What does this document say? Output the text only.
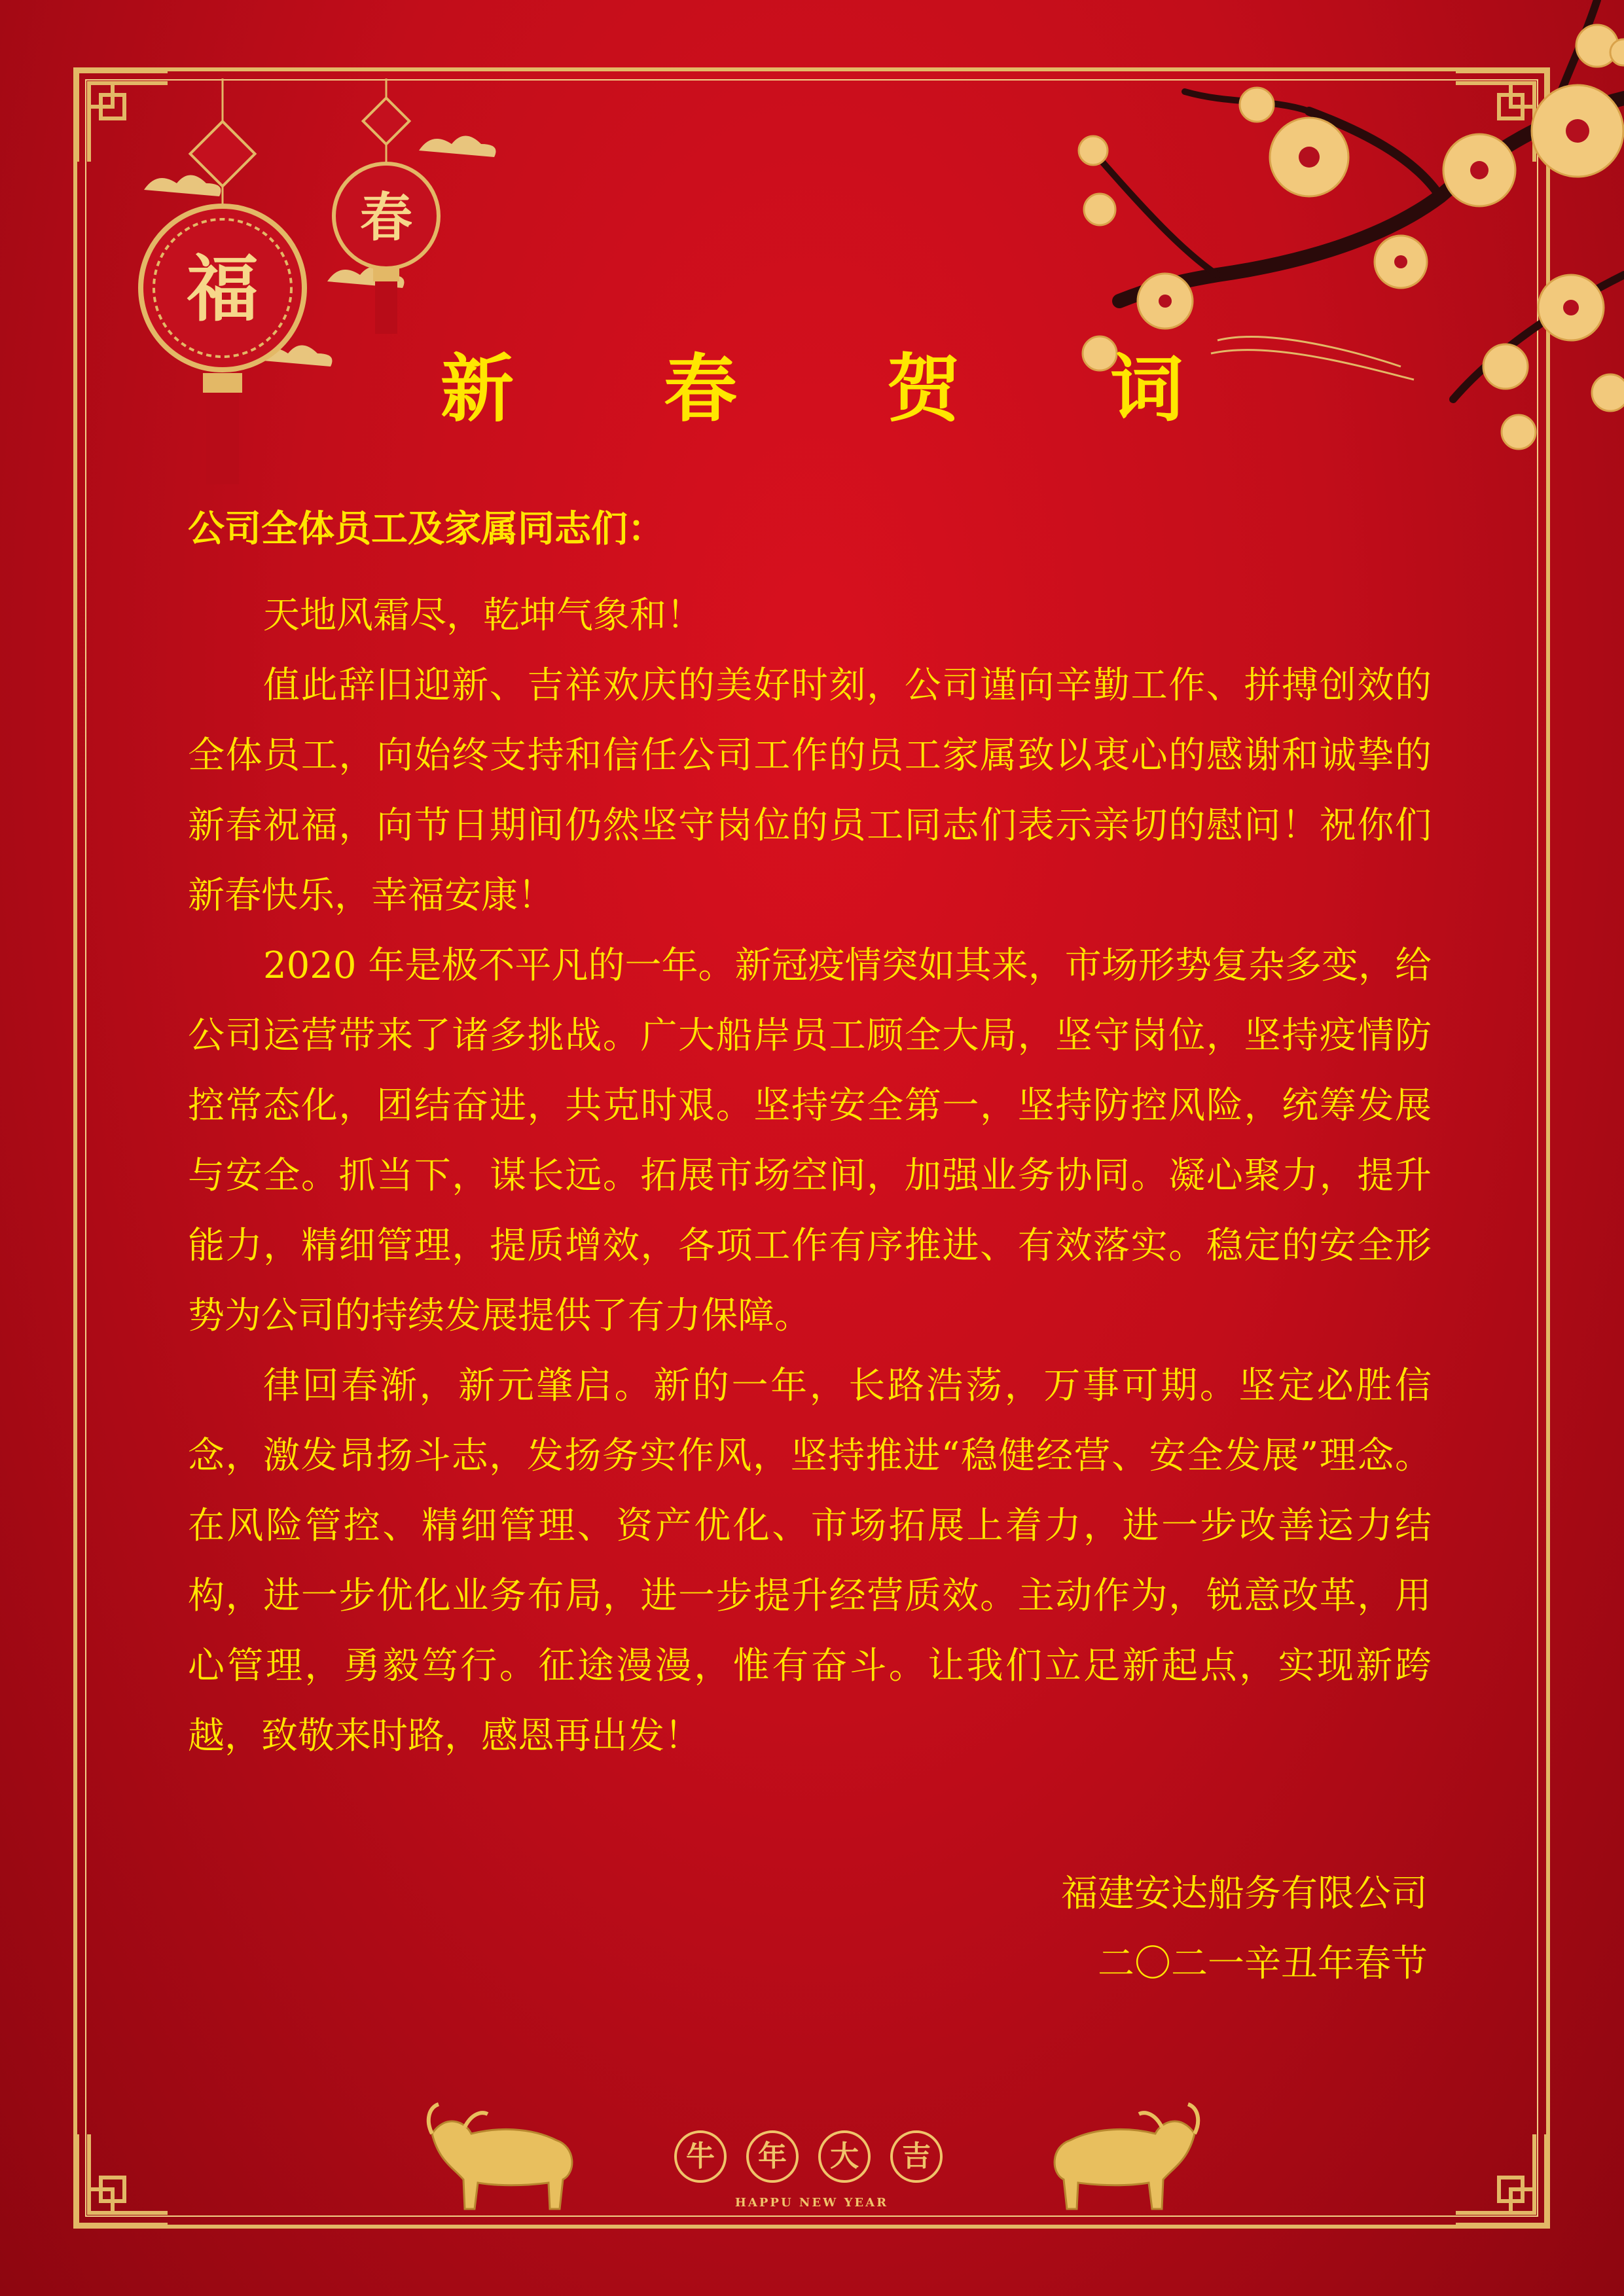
福
春
新 春 贺 词
公司全体员工及家属同志们：

天地风霜尽，乾坤气象和！

值此辞旧迎新、吉祥欢庆的美好时刻，公司谨向辛勤工作、拼搏创效的全体员工，向始终支持和信任公司工作的员工家属致以衷心的感谢和诚挚的新春祝福，向节日期间仍然坚守岗位的员工同志们表示亲切的慰问！祝你们新春快乐，幸福安康！

2020 年是极不平凡的一年。新冠疫情突如其来，市场形势复杂多变，给公司运营带来了诸多挑战。广大船岸员工顾全大局，坚守岗位，坚持疫情防控常态化，团结奋进，共克时艰。坚持安全第一，坚持防控风险，统筹发展与安全。抓当下，谋长远。拓展市场空间，加强业务协同。凝心聚力，提升能力，精细管理，提质增效，各项工作有序推进、有效落实。稳定的安全形势为公司的持续发展提供了有力保障。

律回春渐，新元肇启。新的一年，长路浩荡，万事可期。坚定必胜信念，激发昂扬斗志，发扬务实作风，坚持推进“稳健经营、安全发展”理念。在风险管控、精细管理、资产优化、市场拓展上着力，进一步改善运力结构，进一步优化业务布局，进一步提升经营质效。主动作为，锐意改革，用心管理，勇毅笃行。征途漫漫，惟有奋斗。让我们立足新起点，实现新跨越，致敬来时路，感恩再出发！

福建安达船务有限公司
二〇二一辛丑年春节
牛	年	大	吉
HAPPU NEW YEAR
